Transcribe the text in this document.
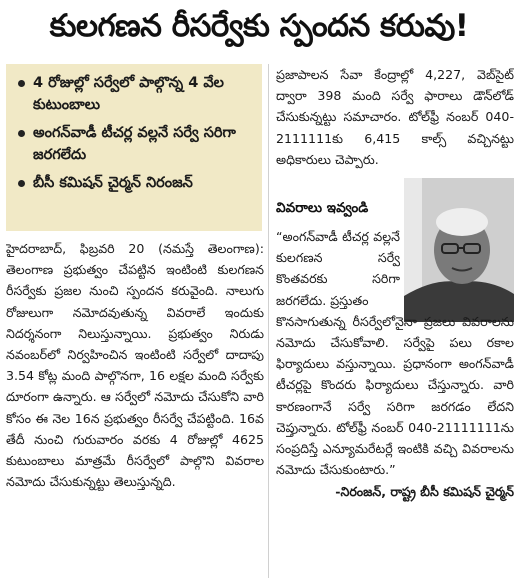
కులగణన రీసర్వేకు స్పందన కరువు!
4 రోజుల్లో సర్వేలో పాల్గొన్న 4 వేల కుటుంబాలు
అంగన్‌వాడీ టీచర్ల వల్లనే సర్వే సరిగా జరగలేదు
బీసీ కమిషన్ చైర్మన్ నిరంజన్

హైదరాబాద్, ఫిబ్రవరి 20 (నమస్తే తెలంగాణ): తెలంగాణ ప్రభుత్వం చేపట్టిన ఇంటింటి కులగణన రీసర్వేకు ప్రజల నుంచి స్పందన కరువైంది. నాలుగు రోజులుగా నమోదవుతున్న వివరాలే ఇందుకు నిదర్శనంగా నిలుస్తున్నాయి. ప్రభుత్వం నిరుడు నవంబర్‌లో నిర్వహించిన ఇంటింటి సర్వేలో దాదాపు 3.54 కోట్ల మంది పాల్గొనగా, 16 లక్షల మంది సర్వేకు దూరంగా ఉన్నారు. ఆ సర్వేలో నమోదు చేసుకోని వారి కోసం ఈ నెల 16న ప్రభుత్వం రీసర్వే చేపట్టింది. 16వ తేదీ నుంచి గురువారం వరకు 4 రోజుల్లో 4625 కుటుంబాలు మాత్రమే రీసర్వేలో పాల్గొని వివరాల నమోదు చేసుకున్నట్టు తెలుస్తున్నది.

ప్రజాపాలన సేవా కేంద్రాల్లో 4,227, వెబ్‌సైట్ ద్వారా 398 మంది సర్వే ఫారాలు డౌన్‌లోడ్ చేసుకున్నట్టు సమాచారం. టోల్‌ఫ్రీ నంబర్ 040-2111111కు 6,415 కాల్స్ వచ్చినట్టు అధికారులు చెప్పారు.

వివరాలు ఇవ్వండి

“అంగన్‌వాడీ టీచర్ల వల్లనే కులగణన సర్వే కొంతవరకు సరిగా జరగలేదు. ప్రస్తుతం

కొనసాగుతున్న రీసర్వేలోనైనా ప్రజలు వివరాలను నమోదు చేసుకోవాలి. సర్వేపై పలు రకాల ఫిర్యాదులు వస్తున్నాయి. ప్రధానంగా అంగన్‌వాడీ టీచర్లపై కొందరు ఫిర్యాదులు చేస్తున్నారు. వారి కారణంగానే సర్వే సరిగా జరగడం లేదని చెప్తున్నారు. టోల్‌ఫ్రీ నంబర్ 040-21111111ను సంప్రదిస్తే ఎన్యూమరేటర్లే ఇంటికి వచ్చి వివరాలను నమోదు చేసుకుంటారు.”

-నిరంజన్, రాష్ట్ర బీసీ కమిషన్ చైర్మన్
